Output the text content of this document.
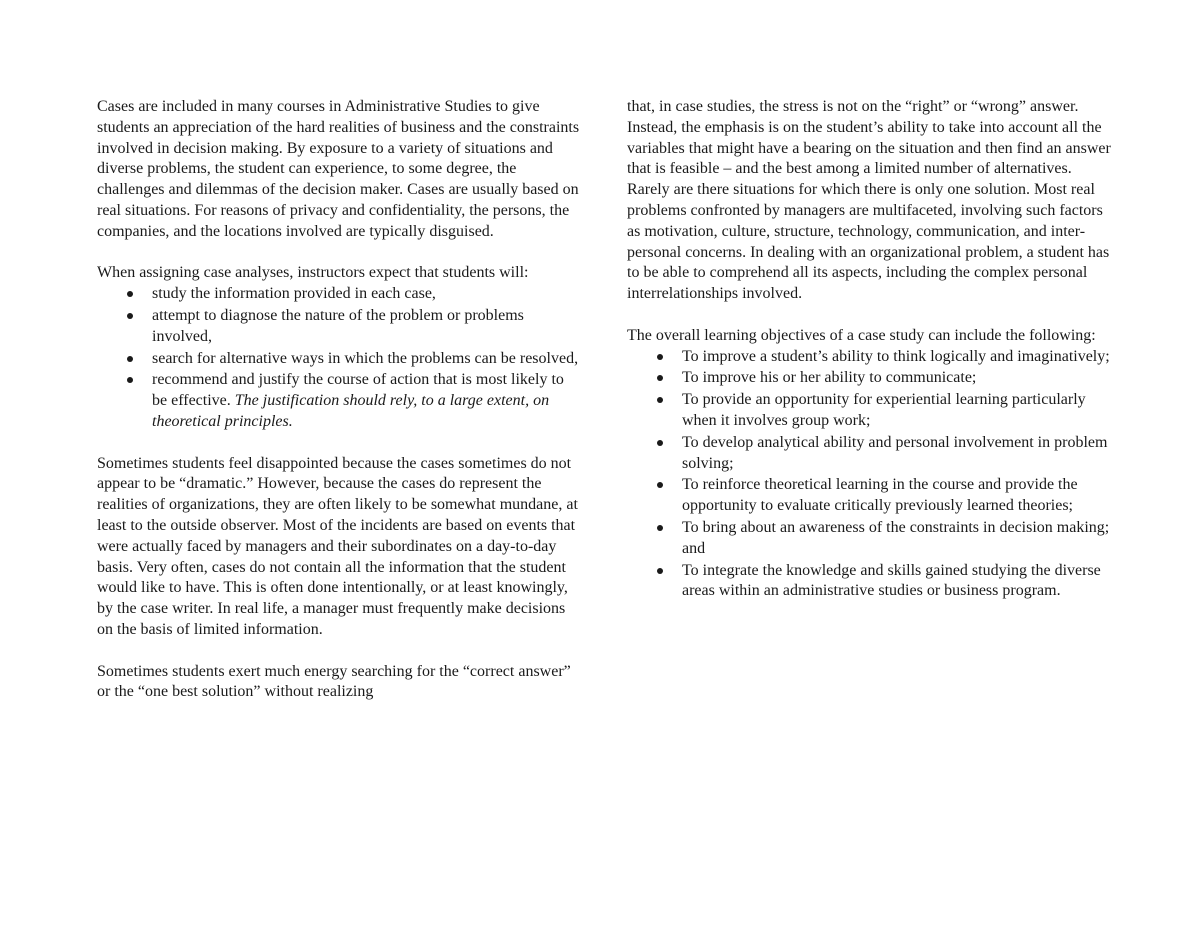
Cases are included in many courses in Administrative Studies to give students an appreciation of the hard realities of business and the constraints involved in decision making. By exposure to a variety of situations and diverse problems, the student can experience, to some degree, the challenges and dilemmas of the decision maker. Cases are usually based on real situations. For reasons of privacy and confidentiality, the persons, the companies, and the locations involved are typically disguised.

When assigning case analyses, instructors expect that students will:

study the information provided in each case,
attempt to diagnose the nature of the problem or problems involved,
search for alternative ways in which the problems can be resolved,
recommend and justify the course of action that is most likely to be effective. The justification should rely, to a large extent, on theoretical principles.

Sometimes students feel disappointed because the cases sometimes do not appear to be “dramatic.” However, because the cases do represent the realities of organizations, they are often likely to be somewhat mundane, at least to the outside observer. Most of the incidents are based on events that were actually faced by managers and their subordinates on a day-to-day basis. Very often, cases do not contain all the information that the student would like to have. This is often done intentionally, or at least knowingly, by the case writer. In real life, a manager must frequently make decisions on the basis of limited information.

Sometimes students exert much energy searching for the “correct answer” or the “one best solution” without realizing

that, in case studies, the stress is not on the “right” or “wrong” answer. Instead, the emphasis is on the student’s ability to take into account all the variables that might have a bearing on the situation and then find an answer that is feasible – and the best among a limited number of alternatives. Rarely are there situations for which there is only one solution. Most real problems confronted by managers are multifaceted, involving such factors as motivation, culture, structure, technology, communication, and inter-personal concerns. In dealing with an organizational problem, a student has to be able to comprehend all its aspects, including the complex personal interrelationships involved.

The overall learning objectives of a case study can include the following:

To improve a student’s ability to think logically and imaginatively;
To improve his or her ability to communicate;
To provide an opportunity for experiential learning particularly when it involves group work;
To develop analytical ability and personal involvement in problem solving;
To reinforce theoretical learning in the course and provide the opportunity to evaluate critically previously learned theories;
To bring about an awareness of the constraints in decision making; and
To integrate the knowledge and skills gained studying the diverse areas within an administrative studies or business program.
